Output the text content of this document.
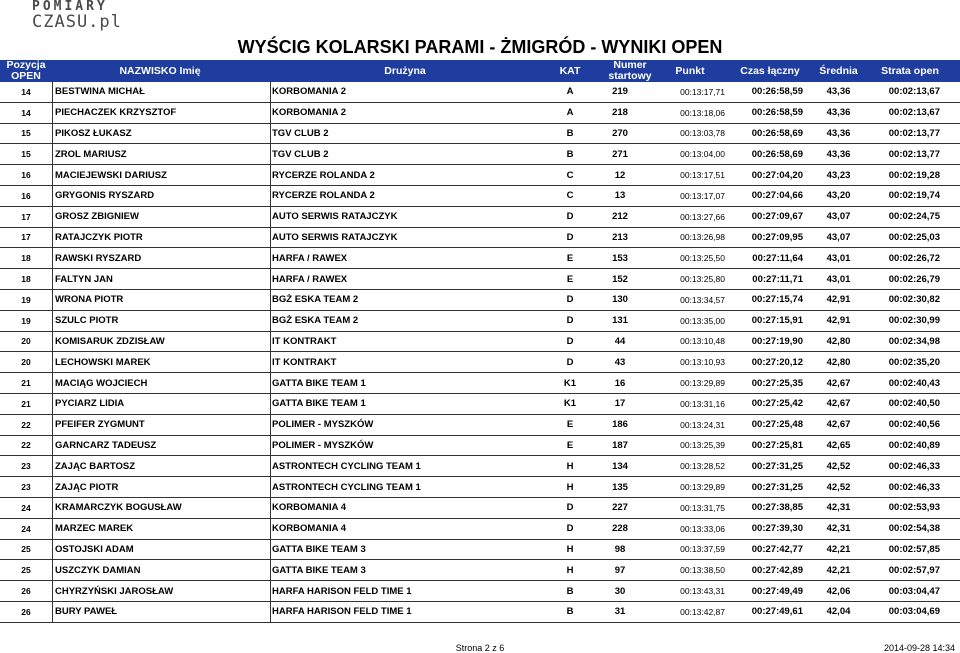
POMIARY
CZASU.pl
WYŚCIG KOLARSKI PARAMI - ŻMIGRÓD - WYNIKI OPEN
Pozycja OPEN	NAZWISKO Imię	Drużyna	KAT	Numer startowy	Punkt	Czas łączny	Średnia	Strata open
14	BESTWINA MICHAŁ	KORBOMANIA 2	A	219	00:13:17,71	00:26:58,59	43,36	00:02:13,67
14	PIECHACZEK KRZYSZTOF	KORBOMANIA 2	A	218	00:13:18,06	00:26:58,59	43,36	00:02:13,67
15	PIKOSZ ŁUKASZ	TGV CLUB 2	B	270	00:13:03,78	00:26:58,69	43,36	00:02:13,77
15	ZROL MARIUSZ	TGV CLUB 2	B	271	00:13:04,00	00:26:58,69	43,36	00:02:13,77
16	MACIEJEWSKI DARIUSZ	RYCERZE ROLANDA 2	C	12	00:13:17,51	00:27:04,20	43,23	00:02:19,28
16	GRYGONIS RYSZARD	RYCERZE ROLANDA 2	C	13	00:13:17,07	00:27:04,66	43,20	00:02:19,74
17	GROSZ ZBIGNIEW	AUTO SERWIS RATAJCZYK	D	212	00:13:27,66	00:27:09,67	43,07	00:02:24,75
17	RATAJCZYK PIOTR	AUTO SERWIS RATAJCZYK	D	213	00:13:26,98	00:27:09,95	43,07	00:02:25,03
18	RAWSKI RYSZARD	HARFA / RAWEX	E	153	00:13:25,50	00:27:11,64	43,01	00:02:26,72
18	FALTYN JAN	HARFA / RAWEX	E	152	00:13:25,80	00:27:11,71	43,01	00:02:26,79
19	WRONA PIOTR	BGŻ ESKA TEAM 2	D	130	00:13:34,57	00:27:15,74	42,91	00:02:30,82
19	SZULC PIOTR	BGŻ ESKA TEAM 2	D	131	00:13:35,00	00:27:15,91	42,91	00:02:30,99
20	KOMISARUK ZDZISŁAW	IT KONTRAKT	D	44	00:13:10,48	00:27:19,90	42,80	00:02:34,98
20	LECHOWSKI MAREK	IT KONTRAKT	D	43	00:13:10,93	00:27:20,12	42,80	00:02:35,20
21	MACIĄG WOJCIECH	GATTA BIKE TEAM 1	K1	16	00:13:29,89	00:27:25,35	42,67	00:02:40,43
21	PYCIARZ LIDIA	GATTA BIKE TEAM 1	K1	17	00:13:31,16	00:27:25,42	42,67	00:02:40,50
22	PFEIFER ZYGMUNT	POLIMER - MYSZKÓW	E	186	00:13:24,31	00:27:25,48	42,67	00:02:40,56
22	GARNCARZ TADEUSZ	POLIMER - MYSZKÓW	E	187	00:13:25,39	00:27:25,81	42,65	00:02:40,89
23	ZAJĄC BARTOSZ	ASTRONTECH CYCLING TEAM 1	H	134	00:13:28,52	00:27:31,25	42,52	00:02:46,33
23	ZAJĄC PIOTR	ASTRONTECH CYCLING TEAM 1	H	135	00:13:29,89	00:27:31,25	42,52	00:02:46,33
24	KRAMARCZYK BOGUSŁAW	KORBOMANIA 4	D	227	00:13:31,75	00:27:38,85	42,31	00:02:53,93
24	MARZEC MAREK	KORBOMANIA 4	D	228	00:13:33,06	00:27:39,30	42,31	00:02:54,38
25	OSTOJSKI ADAM	GATTA BIKE TEAM 3	H	98	00:13:37,59	00:27:42,77	42,21	00:02:57,85
25	USZCZYK DAMIAN	GATTA BIKE TEAM 3	H	97	00:13:38,50	00:27:42,89	42,21	00:02:57,97
26	CHYRZYŃSKI JAROSŁAW	HARFA HARISON FELD TIME 1	B	30	00:13:43,31	00:27:49,49	42,06	00:03:04,47
26	BURY PAWEŁ	HARFA HARISON FELD TIME 1	B	31	00:13:42,87	00:27:49,61	42,04	00:03:04,69
Strona 2 z 6	2014-09-28 14:34
